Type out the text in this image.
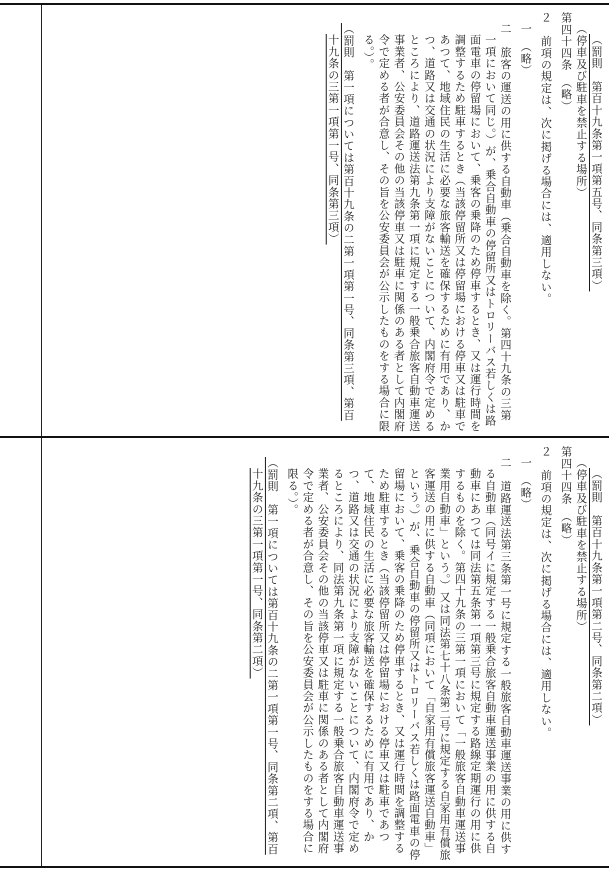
（罰則　第百十九条第一項第五号、同条第三項）

（停車及び駐車を禁止する場所）

第四十四条　（略）

２　前項の規定は、次に掲げる場合には、適用しない。

一　（略）

二　旅客の運送の用に供する自動車（乗合自動車を除く。第四十九条の三第一項において同じ。）が、乗合自動車の停留所又はトロリーバス若しくは路面電車の停留場において、乗客の乗降のため停車するとき、又は運行時間を調整するため駐車するとき（当該停留所又は停留場における停車又は駐車であつて、地域住民の生活に必要な旅客輸送を確保するために有用であり、かつ、道路又は交通の状況により支障がないことについて、内閣府令で定めるところにより、道路運送法第九条第一項に規定する一般乗合旅客自動車運送事業者、公安委員会その他の当該停車又は駐車に関係のある者として内閣府令で定める者が合意し、その旨を公安委員会が公示したものをする場合に限る。）。

（罰則　第一項については第百十九条の二第一項第一号、同条第三項、第百十九条の三第一項第一号、同条第三項）

（罰則　第百十九条第一項第二号、同条第二項）

（停車及び駐車を禁止する場所）

第四十四条　（略）

２　前項の規定は、次に掲げる場合には、適用しない。

一　（略）

二　道路運送法第三条第一号に規定する一般旅客自動車運送事業の用に供する自動車（同号イに規定する一般乗合旅客自動車運送事業の用に供する自動車にあつては同法第五条第一項第三号に規定する路線定期運行の用に供するものを除く。第四十九条の三第一項において「一般旅客自動車運送事業用自動車」という。）又は同法第七十八条第二号に規定する自家用有償旅客運送の用に供する自動車（同項において「自家用有償旅客運送自動車」という。）が、乗合自動車の停留所又はトロリーバス若しくは路面電車の停留場において、乗客の乗降のため停車するとき、又は運行時間を調整するため駐車するとき（当該停留所又は停留場における停車又は駐車であつて、地域住民の生活に必要な旅客輸送を確保するために有用であり、かつ、道路又は交通の状況により支障がないことについて、内閣府令で定めるところにより、同法第九条第一項に規定する一般乗合旅客自動車運送事業者、公安委員会その他の当該停車又は駐車に関係のある者として内閣府令で定める者が合意し、その旨を公安委員会が公示したものをする場合に限る。）。

（罰則　第一項については第百十九条の二第一項第一号、同条第二項、第百十九条の三第一項第一号、同条第二項）
